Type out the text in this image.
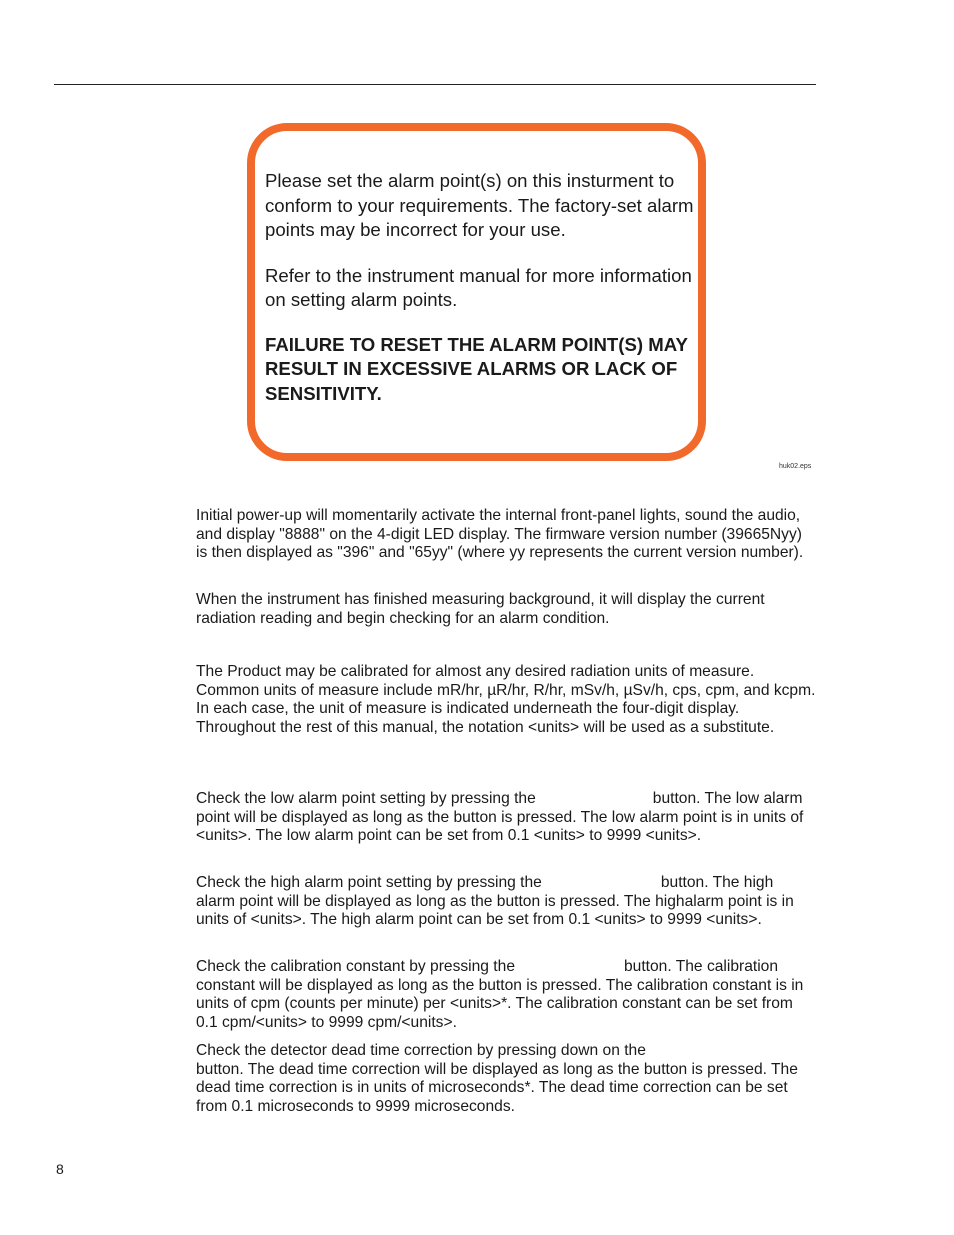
Please set the alarm point(s) on this insturment to conform to your requirements. The factory-set alarm points may be incorrect for your use.

Refer to the instrument manual for more information on setting alarm points.

FAILURE TO RESET THE ALARM POINT(S) MAY RESULT IN EXCESSIVE ALARMS OR LACK OF SENSITIVITY.

huk02.eps

Initial power-up will momentarily activate the internal front-panel lights, sound the audio, and display "8888" on the 4-digit LED display. The firmware version number (39665Nyy) is then displayed as "396" and "65yy" (where yy represents the current version number).

When the instrument has finished measuring background, it will display the current radiation reading and begin checking for an alarm condition.

The Product may be calibrated for almost any desired radiation units of measure. Common units of measure include mR/hr, µR/hr, R/hr, mSv/h, µSv/h, cps, cpm, and kcpm. In each case, the unit of measure is indicated underneath the four-digit display. Throughout the rest of this manual, the notation <units> will be used as a substitute.

Check the low alarm point setting by pressing the	button. The low alarm point will be displayed as long as the button is pressed. The low alarm point is in units of <units>. The low alarm point can be set from 0.1 <units> to 9999 <units>.

Check the high alarm point setting by pressing the	button. The high alarm point will be displayed as long as the button is pressed. The highalarm point is in units of <units>. The high alarm point can be set from 0.1 <units> to 9999 <units>.

Check the calibration constant by pressing the	button. The calibration constant will be displayed as long as the button is pressed. The calibration constant is in units of cpm (counts per minute) per <units>*. The calibration constant can be set from 0.1 cpm/<units> to 9999 cpm/<units>.

Check the detector dead time correction by pressing down on thebutton. The dead time correction will be displayed as long as the button is pressed. The dead time correction is in units of microseconds*. The dead time correction can be set from 0.1 microseconds to 9999 microseconds.

8
